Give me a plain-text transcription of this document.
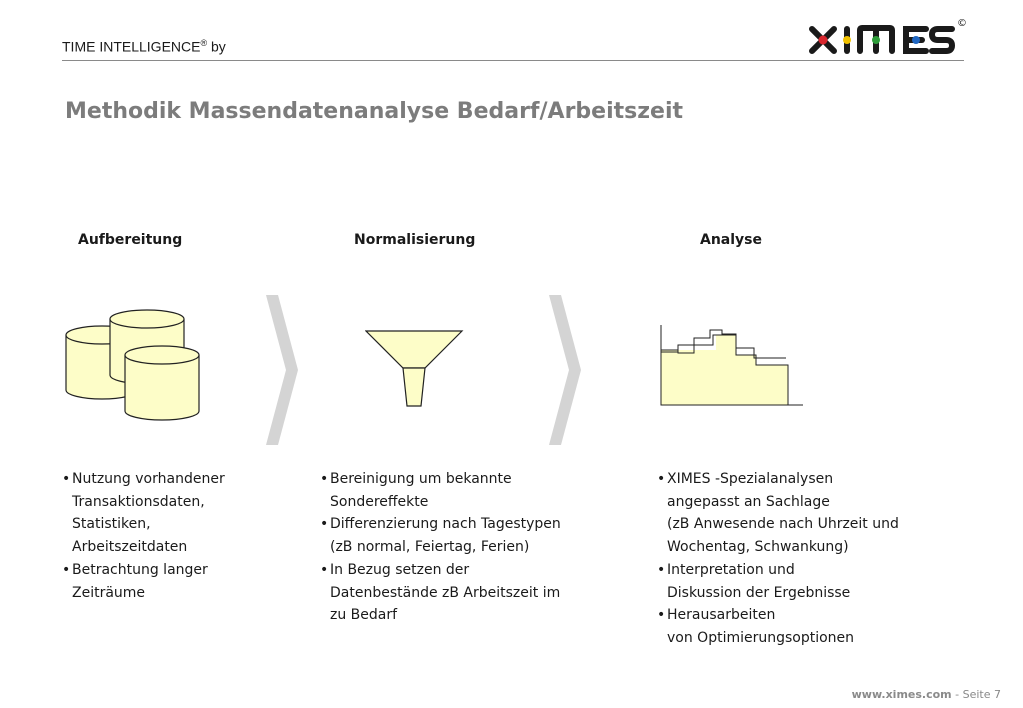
TIME INTELLIGENCE® by
©
Methodik Massendatenanalyse Bedarf/Arbeitszeit
Aufbereitung	Normalisierung	Analyse
• Nutzung vorhandener
Transaktionsdaten,
Statistiken,
Arbeitszeitdaten
• Betrachtung langer
Zeiträume
• Bereinigung um bekannte
Sondereffekte
• Differenzierung nach Tagestypen
(zB normal, Feiertag, Ferien)
• In Bezug setzen der
Datenbestände zB Arbeitszeit im
zu Bedarf
• XIMES -Spezialanalysen
angepasst an Sachlage
(zB Anwesende nach Uhrzeit und
Wochentag, Schwankung)
• Interpretation und
Diskussion der Ergebnisse
• Herausarbeiten
von Optimierungsoptionen
www.ximes.com - Seite 7
